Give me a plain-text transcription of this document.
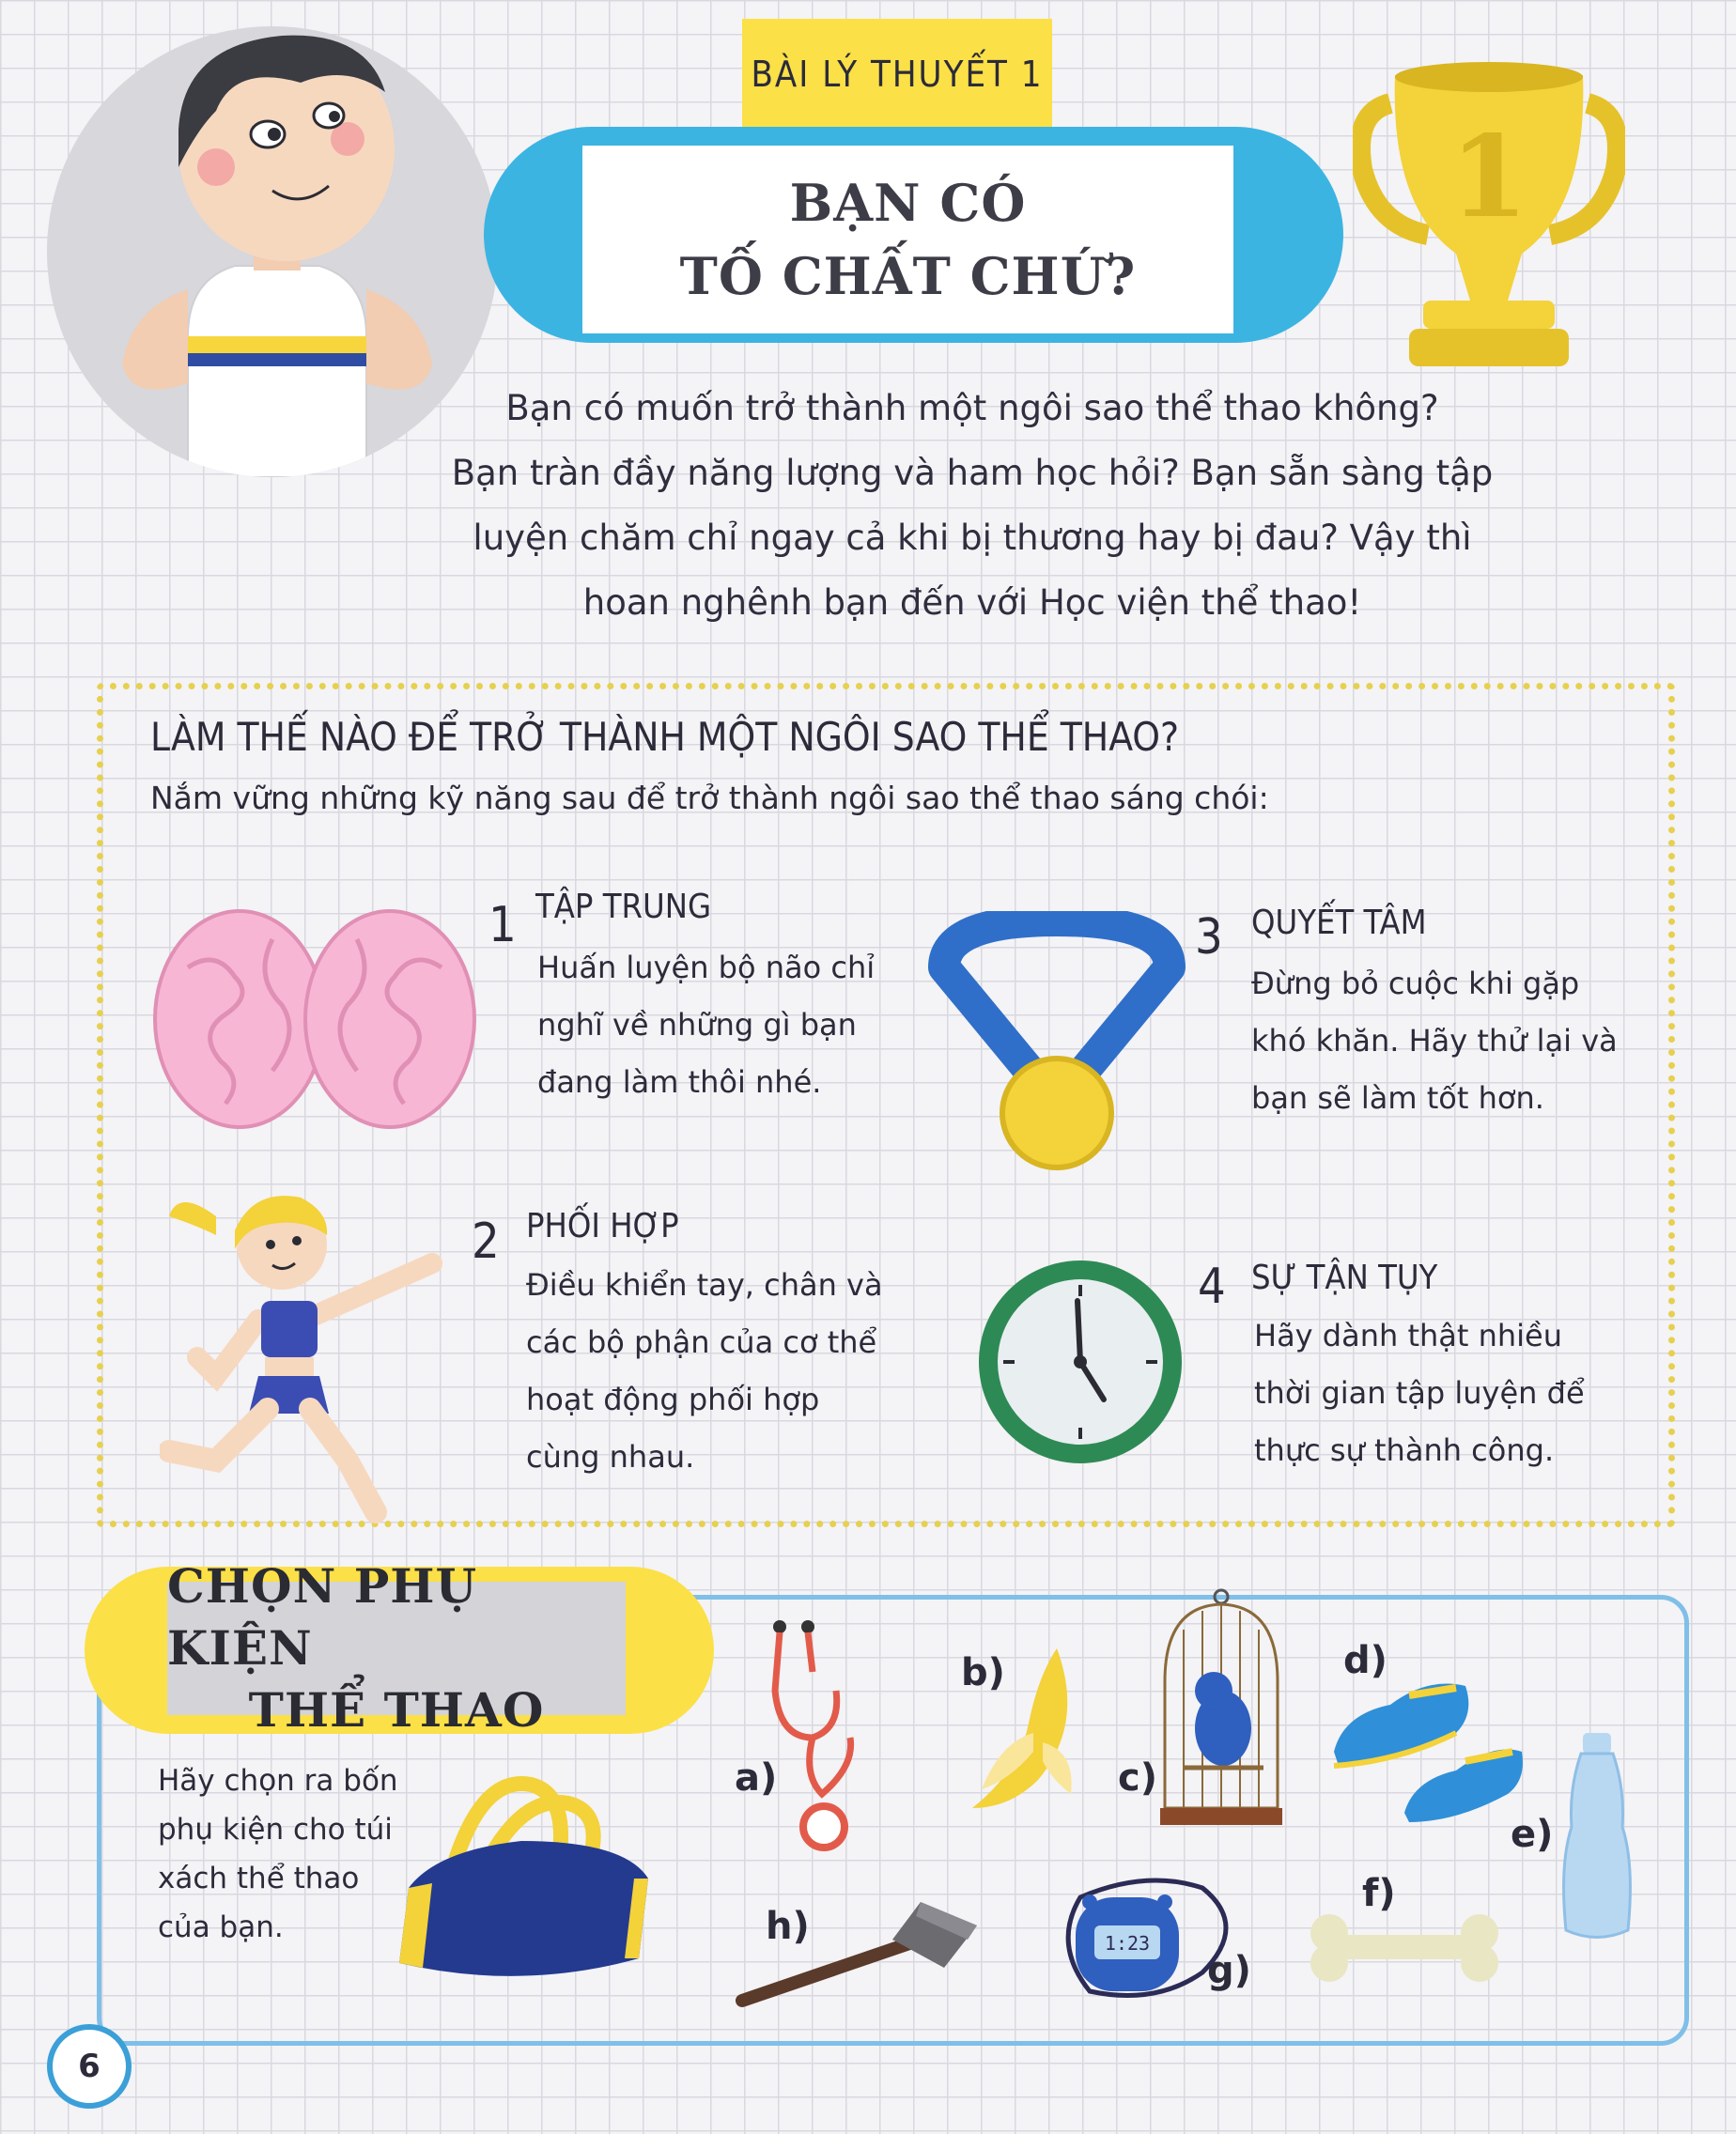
BÀI LÝ THUYẾT 1
BẠN CÓ
TỐ CHẤT CHỨ?
1
Bạn có muốn trở thành một ngôi sao thể thao không?
Bạn tràn đầy năng lượng và ham học hỏi? Bạn sẵn sàng tập
luyện chăm chỉ ngay cả khi bị thương hay bị đau? Vậy thì
hoan nghênh bạn đến với Học viện thể thao!
LÀM THẾ NÀO ĐỂ TRỞ THÀNH MỘT NGÔI SAO THỂ THAO?
Nắm vững những kỹ năng sau để trở thành ngôi sao thể thao sáng chói:
1 TẬP TRUNG
Huấn luyện bộ não chỉ
nghĩ về những gì bạn
đang làm thôi nhé.
3 QUYẾT TÂM
Đừng bỏ cuộc khi gặp
khó khăn. Hãy thử lại và
bạn sẽ làm tốt hơn.
2 PHỐI HỢP
Điều khiển tay, chân và
các bộ phận của cơ thể
hoạt động phối hợp
cùng nhau.
4 SỰ TẬN TỤY
Hãy dành thật nhiều
thời gian tập luyện để
thực sự thành công.
CHỌN PHỤ KIỆN
THỂ THAO
Hãy chọn ra bốn
phụ kiện cho túi
xách thể thao
của bạn.
a)
b)
c)
d)
e)
f)
g)
1:23
h)
6
